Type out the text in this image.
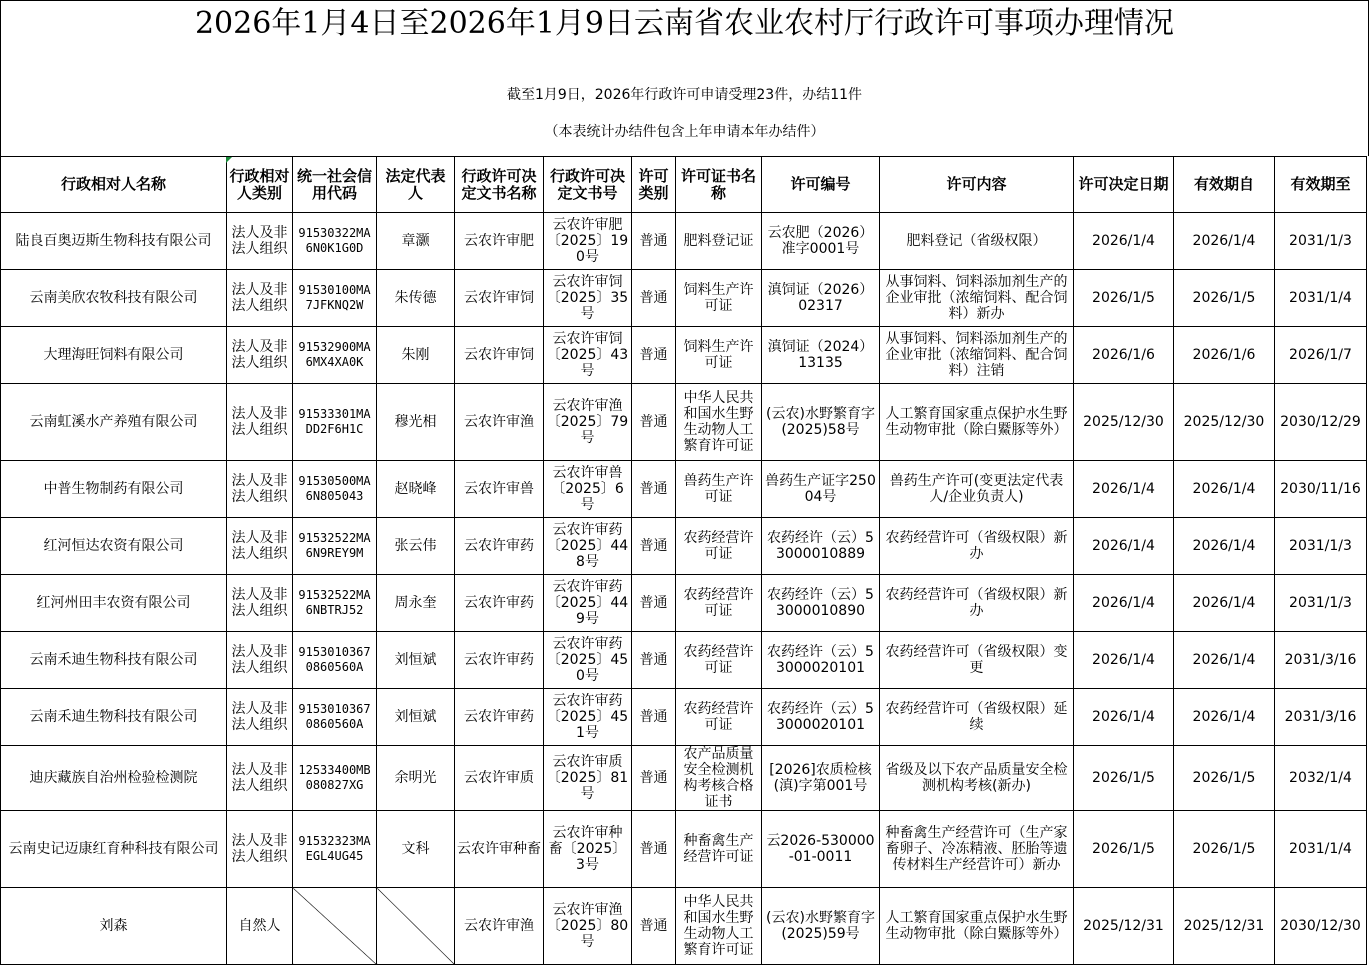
2026年1月4日至2026年1月9日云南省农业农村厅行政许可事项办理情况
截至1月9日，2026年行政许可申请受理23件，办结11件
（本表统计办结件包含上年申请本年办结件）
行政相对人名称	行政相对人类别	统一社会信用代码	法定代表人	行政许可决定文书名称	行政许可决定文书号	许可类别	许可证书名称	许可编号	许可内容	许可决定日期	有效期自	有效期至

陆良百奥迈斯生物科技有限公司	法人及非法人组织	91530322MA6N0K1G0D	章灏	云农许审肥	云农许审肥〔2025〕190号	普通	肥料登记证	云农肥（2026）准字0001号	肥料登记（省级权限）	2026/1/4	2026/1/4	2031/1/3

云南美欣农牧科技有限公司	法人及非法人组织	91530100MA7JFKNQ2W	朱传德	云农许审饲	云农许审饲〔2025〕35号	普通	饲料生产许可证	滇饲证（2026）02317	从事饲料、饲料添加剂生产的企业审批（浓缩饲料、配合饲料）新办	2026/1/5	2026/1/5	2031/1/4

大理海旺饲料有限公司	法人及非法人组织	91532900MA6MX4XA0K	朱刚	云农许审饲	云农许审饲〔2025〕43号	普通	饲料生产许可证	滇饲证（2024）13135	从事饲料、饲料添加剂生产的企业审批（浓缩饲料、配合饲料）注销	2026/1/6	2026/1/6	2026/1/7

云南虹溪水产养殖有限公司	法人及非法人组织	91533301MADD2F6H1C	穆光相	云农许审渔	云农许审渔〔2025〕79号	普通	中华人民共和国水生野生动物人工繁育许可证	(云农)水野繁育字(2025)58号	人工繁育国家重点保护水生野生动物审批（除白鱀豚等外）	2025/12/30	2025/12/30	2030/12/29

中普生物制药有限公司	法人及非法人组织	91530500MA6N805043	赵晓峰	云农许审兽	云农许审兽〔2025〕6号	普通	兽药生产许可证	兽药生产证字25004号	兽药生产许可(变更法定代表人/企业负责人)	2026/1/4	2026/1/4	2030/11/16

红河恒达农资有限公司	法人及非法人组织	91532522MA6N9REY9M	张云伟	云农许审药	云农许审药〔2025〕448号	普通	农药经营许可证	农药经许（云）53000010889	农药经营许可（省级权限）新办	2026/1/4	2026/1/4	2031/1/3

红河州田丰农资有限公司	法人及非法人组织	91532522MA6NBTRJ52	周永奎	云农许审药	云农许审药〔2025〕449号	普通	农药经营许可证	农药经许（云）53000010890	农药经营许可（省级权限）新办	2026/1/4	2026/1/4	2031/1/3

云南禾迪生物科技有限公司	法人及非法人组织	91530103670860560A	刘恒斌	云农许审药	云农许审药〔2025〕450号	普通	农药经营许可证	农药经许（云）53000020101	农药经营许可（省级权限）变更	2026/1/4	2026/1/4	2031/3/16

云南禾迪生物科技有限公司	法人及非法人组织	91530103670860560A	刘恒斌	云农许审药	云农许审药〔2025〕451号	普通	农药经营许可证	农药经许（云）53000020101	农药经营许可（省级权限）延续	2026/1/4	2026/1/4	2031/3/16

迪庆藏族自治州检验检测院	法人及非法人组织	12533400MB080827XG	余明光	云农许审质	云农许审质〔2025〕81号	普通	农产品质量安全检测机构考核合格证书	[2026]农质检核(滇)字第001号	省级及以下农产品质量安全检测机构考核(新办)	2026/1/5	2026/1/5	2032/1/4

云南史记迈康红育种科技有限公司	法人及非法人组织	91532323MAEGL4UG45	文科	云农许审种畜	云农许审种畜〔2025〕3号	普通	种畜禽生产经营许可证	云2026-530000-01-0011	种畜禽生产经营许可（生产家畜卵子、冷冻精液、胚胎等遗传材料生产经营许可）新办	2026/1/5	2026/1/5	2031/1/4

刘森	自然人			云农许审渔	云农许审渔〔2025〕80号	普通	中华人民共和国水生野生动物人工繁育许可证	(云农)水野繁育字(2025)59号	人工繁育国家重点保护水生野生动物审批（除白鱀豚等外）	2025/12/31	2025/12/31	2030/12/30
